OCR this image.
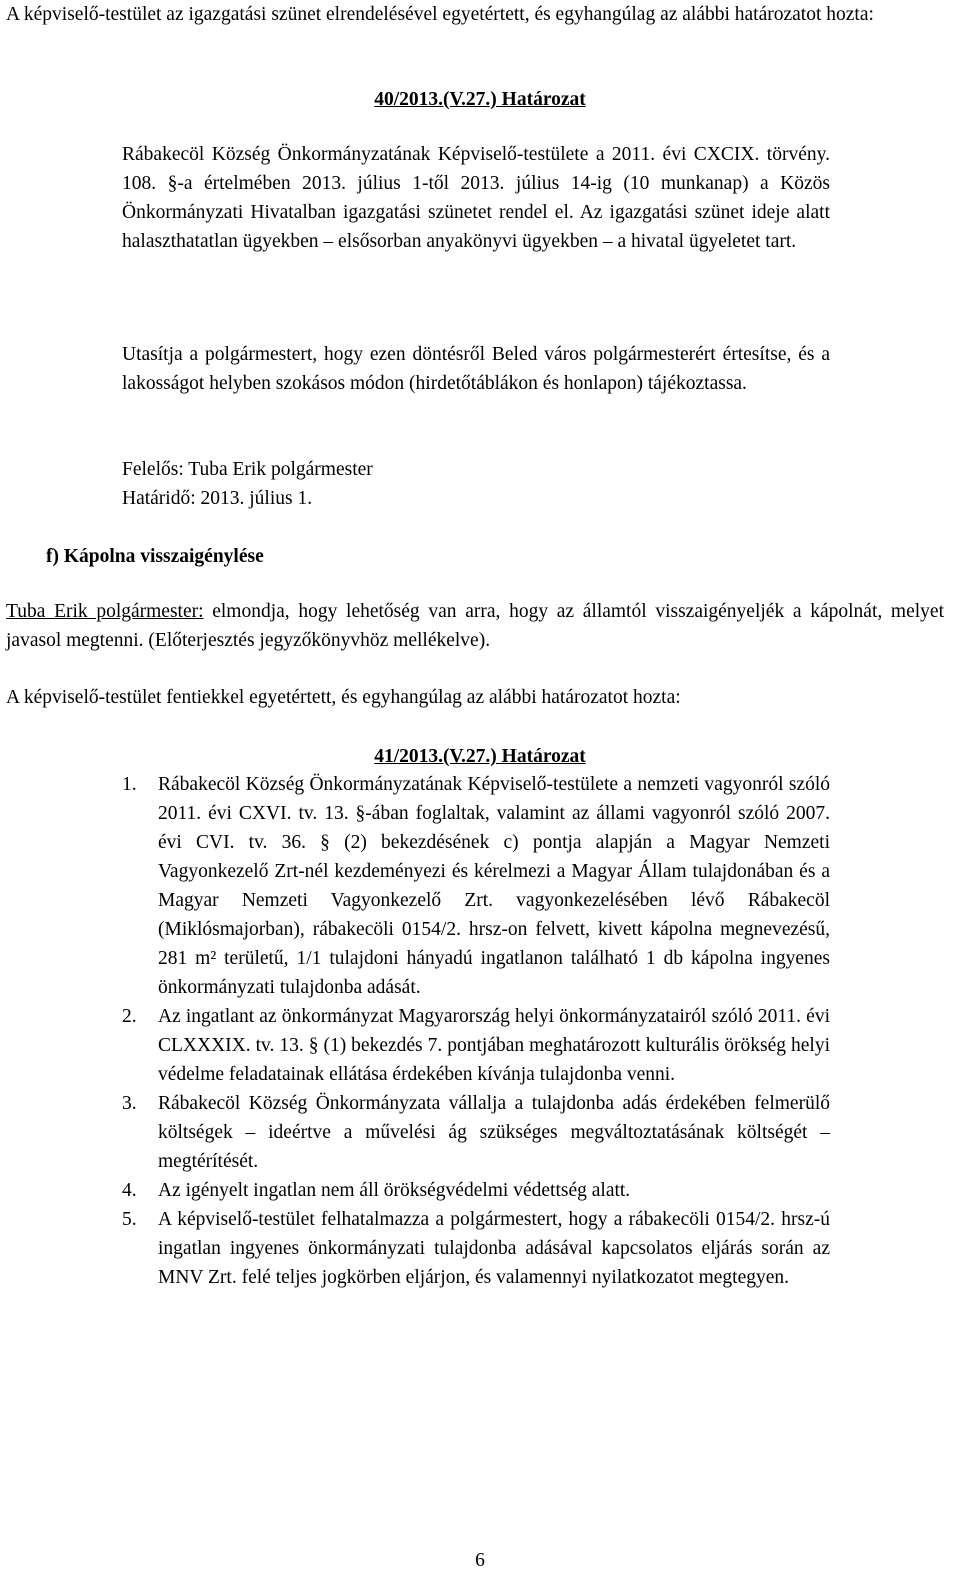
A képviselő-testület az igazgatási szünet elrendelésével egyetértett, és egyhangúlag az alábbi határozatot hozta:
40/2013.(V.27.) Határozat
Rábakecöl Község Önkormányzatának Képviselő-testülete a 2011. évi CXCIX. törvény. 108. §-a értelmében 2013. július 1-től 2013. július 14-ig (10 munkanap) a Közös Önkormányzati Hivatalban igazgatási szünetet rendel el. Az igazgatási szünet ideje alatt halaszthatatlan ügyekben – elsősorban anyakönyvi ügyekben – a hivatal ügyeletet tart.
Utasítja a polgármestert, hogy ezen döntésről Beled város polgármesterért értesítse, és a lakosságot helyben szokásos módon (hirdetőtáblákon és honlapon) tájékoztassa.
Felelős: Tuba Erik polgármester
Határidő: 2013. július 1.
f) Kápolna visszaigénylése
Tuba Erik polgármester: elmondja, hogy lehetőség van arra, hogy az államtól visszaigényeljék a kápolnát, melyet javasol megtenni. (Előterjesztés jegyzőkönyvhöz mellékelve).
A képviselő-testület fentiekkel egyetértett, és egyhangúlag az alábbi határozatot hozta:
41/2013.(V.27.) Határozat
1. Rábakecöl Község Önkormányzatának Képviselő-testülete a nemzeti vagyonról szóló 2011. évi CXVI. tv. 13. §-ában foglaltak, valamint az állami vagyonról szóló 2007. évi CVI. tv. 36. § (2) bekezdésének c) pontja alapján a Magyar Nemzeti Vagyonkezelő Zrt-nél kezdeményezi és kérelmezi a Magyar Állam tulajdonában és a Magyar Nemzeti Vagyonkezelő Zrt. vagyonkezelésében lévő Rábakecöl (Miklósmajorban), rábakecöli 0154/2. hrsz-on felvett, kivett kápolna megnevezésű, 281 m² területű, 1/1 tulajdoni hányadú ingatlanon található 1 db kápolna ingyenes önkormányzati tulajdonba adását.
2. Az ingatlant az önkormányzat Magyarország helyi önkormányzatairól szóló 2011. évi CLXXXIX. tv. 13. § (1) bekezdés 7. pontjában meghatározott kulturális örökség helyi védelme feladatainak ellátása érdekében kívánja tulajdonba venni.
3. Rábakecöl Község Önkormányzata vállalja a tulajdonba adás érdekében felmerülő költségek – ideértve a művelési ág szükséges megváltoztatásának költségét – megtérítését.
4. Az igényelt ingatlan nem áll örökségvédelmi védettség alatt.
5. A képviselő-testület felhatalmazza a polgármestert, hogy a rábakecöli 0154/2. hrsz-ú ingatlan ingyenes önkormányzati tulajdonba adásával kapcsolatos eljárás során az MNV Zrt. felé teljes jogkörben eljárjon, és valamennyi nyilatkozatot megtegyen.
6
